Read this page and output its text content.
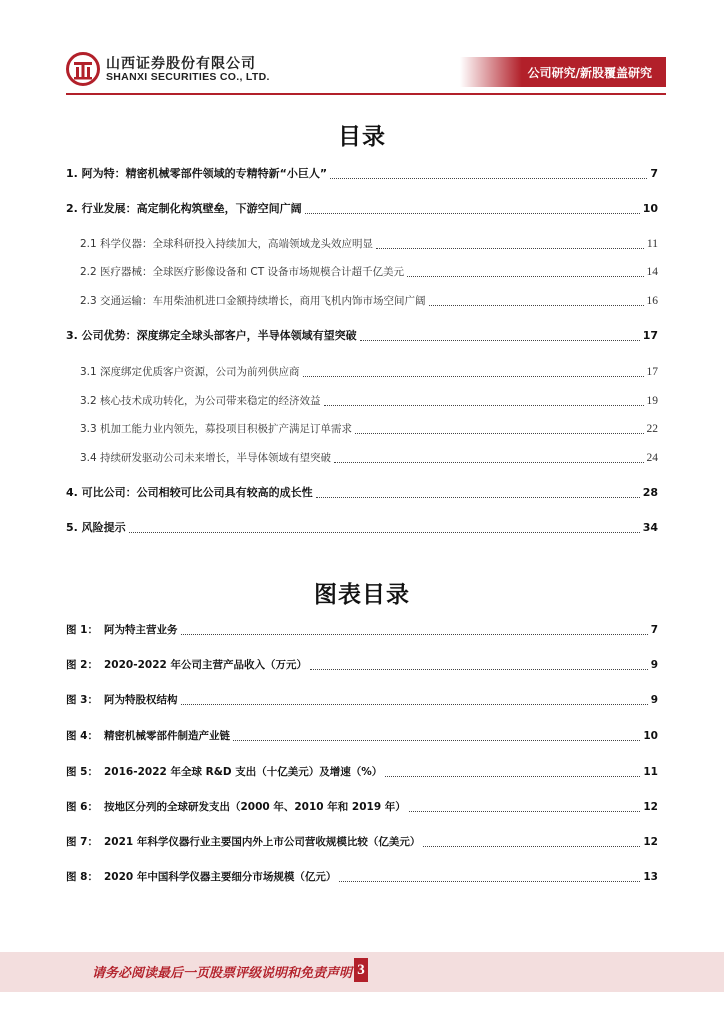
山西证券股份有限公司
SHANXI SECURITIES CO., LTD.	公司研究/新股覆盖研究
目录
1. 阿为特：精密机械零部件领域的专精特新“小巨人”	7
2. 行业发展：高定制化构筑壁垒，下游空间广阔	10
2.1 科学仪器：全球科研投入持续加大，高端领域龙头效应明显	11
2.2 医疗器械：全球医疗影像设备和 CT 设备市场规模合计超千亿美元	14
2.3 交通运输：车用柴油机进口金额持续增长，商用飞机内饰市场空间广阔	16
3. 公司优势：深度绑定全球头部客户，半导体领域有望突破	17
3.1 深度绑定优质客户资源，公司为前列供应商	17
3.2 核心技术成功转化，为公司带来稳定的经济效益	19
3.3 机加工能力业内领先，募投项目积极扩产满足订单需求	22
3.4 持续研发驱动公司未来增长，半导体领域有望突破	24
4. 可比公司：公司相较可比公司具有较高的成长性	28
5. 风险提示	34
图表目录
图 1： 阿为特主营业务	7
图 2： 2020-2022 年公司主营产品收入（万元）	9
图 3： 阿为特股权结构	9
图 4： 精密机械零部件制造产业链	10
图 5： 2016-2022 年全球 R&D 支出（十亿美元）及增速（%）	11
图 6： 按地区分列的全球研发支出（2000 年、2010 年和 2019 年）	12
图 7： 2021 年科学仪器行业主要国内外上市公司营收规模比较（亿美元）	12
图 8： 2020 年中国科学仪器主要细分市场规模（亿元）	13
请务必阅读最后一页股票评级说明和免责声明 3
